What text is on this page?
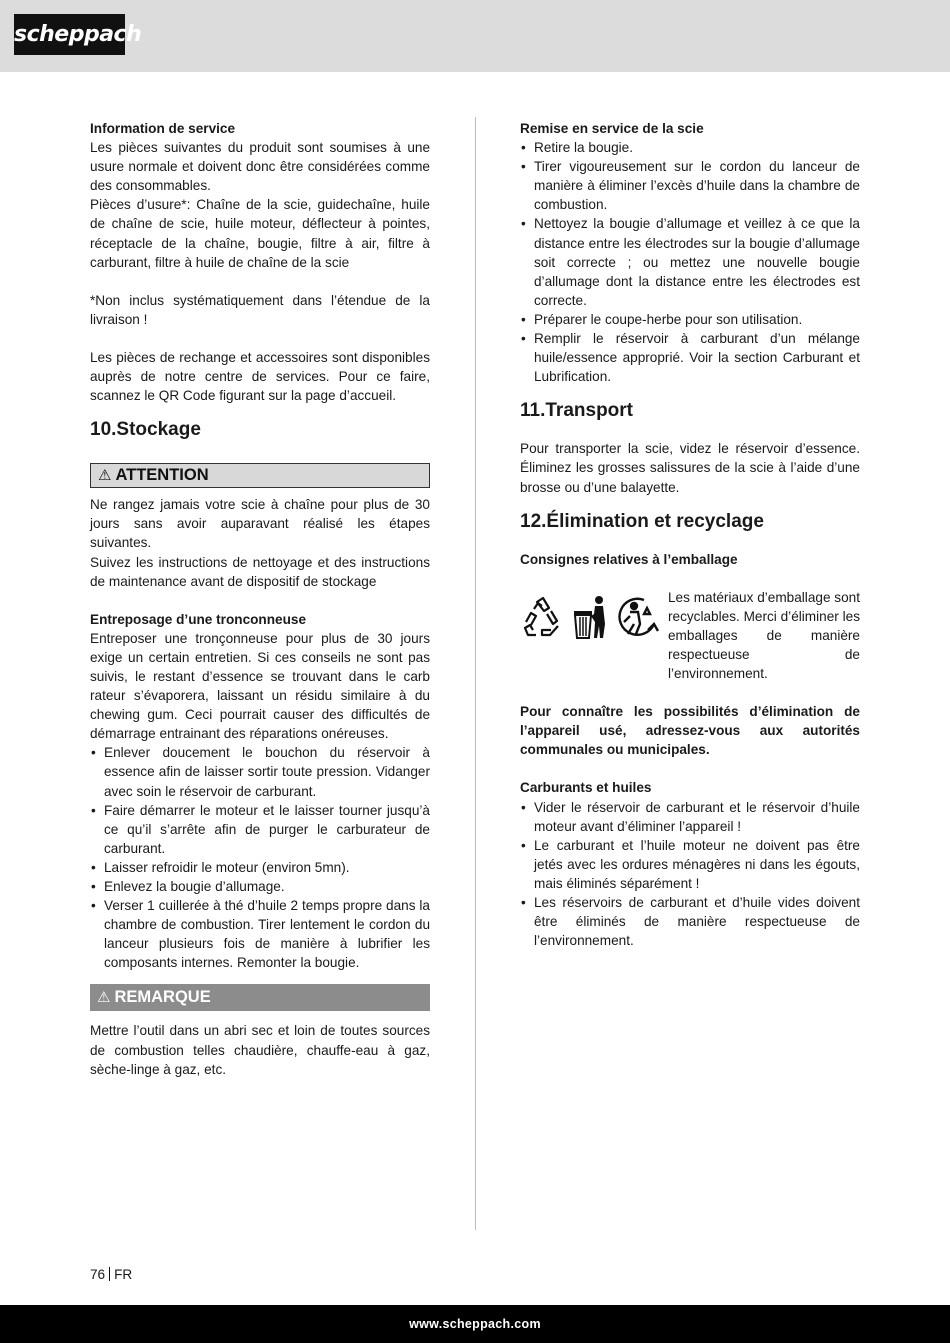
scheppach

Information de service

Les pièces suivantes du produit sont soumises à une usure normale et doivent donc être considérées comme des consommables.

Pièces d’usure*: Chaîne de la scie, guidechaîne, huile de chaîne de scie, huile moteur, déflecteur à pointes, réceptacle de la chaîne, bougie, filtre à air, filtre à carburant, filtre à huile de chaîne de la scie

*Non inclus systématiquement dans l’étendue de la livraison !

Les pièces de rechange et accessoires sont disponibles auprès de notre centre de services. Pour ce faire, scannez le QR Code figurant sur la page d’accueil.

10.Stockage
⚠ ATTENTION

Ne rangez jamais votre scie à chaîne pour plus de 30 jours sans avoir auparavant réalisé les étapes suivantes.

Suivez les instructions de nettoyage et des instructions de maintenance avant de dispositif de stockage

Entreposage d’une tronconneuse

Entreposer une tronçonneuse pour plus de 30 jours exige un certain entretien. Si ces conseils ne sont pas suivis, le restant d’essence se trouvant dans le carb rateur s’évaporera, laissant un résidu similaire à du chewing gum. Ceci pourrait causer des difficultés de démarrage entrainant des réparations onéreuses.

• Enlever doucement le bouchon du réservoir à essence afin de laisser sortir toute pression. Vidanger avec soin le réservoir de carburant.
• Faire démarrer le moteur et le laisser tourner jusqu’à ce qu’il s’arrête afin de purger le carburateur de carburant.
• Laisser refroidir le moteur (environ 5mn).
• Enlevez la bougie d’allumage.
• Verser 1 cuillerée à thé d’huile 2 temps propre dans la chambre de combustion. Tirer lentement le cordon du lanceur plusieurs fois de manière à lubrifier les composants internes. Remonter la bougie.
⚠ REMARQUE

Mettre l’outil dans un abri sec et loin de toutes sources de combustion telles chaudière, chauffe-eau à gaz, sèche-linge à gaz, etc.

Remise en service de la scie

• Retire la bougie.
• Tirer vigoureusement sur le cordon du lanceur de manière à éliminer l’excès d’huile dans la chambre de combustion.
• Nettoyez la bougie d’allumage et veillez à ce que la distance entre les électrodes sur la bougie d’allumage soit correcte ; ou mettez une nouvelle bougie d’allumage dont la distance entre les électrodes est correcte.
• Préparer le coupe-herbe pour son utilisation.
• Remplir le réservoir à carburant d’un mélange huile/essence approprié. Voir la section Carburant et Lubrification.
11.Transport

Pour transporter la scie, videz le réservoir d’essence. Éliminez les grosses salissures de la scie à l’aide d’une brosse ou d’une balayette.

12.Élimination et recyclage

Consignes relatives à l’emballage

Les matériaux d’emballage sont recyclables. Merci d’éliminer les emballages de manière respectueuse de l’environnement.

Pour connaître les possibilités d’élimination de l’appareil usé, adressez-vous aux autorités communales ou municipales.

Carburants et huiles

• Vider le réservoir de carburant et le réservoir d’huile moteur avant d’éliminer l’appareil !
• Le carburant et l’huile moteur ne doivent pas être jetés avec les ordures ménagères ni dans les égouts, mais éliminés séparément !
• Les réservoirs de carburant et d’huile vides doivent être éliminés de manière respectueuse de l’environnement.
76 FR
www.scheppach.com
